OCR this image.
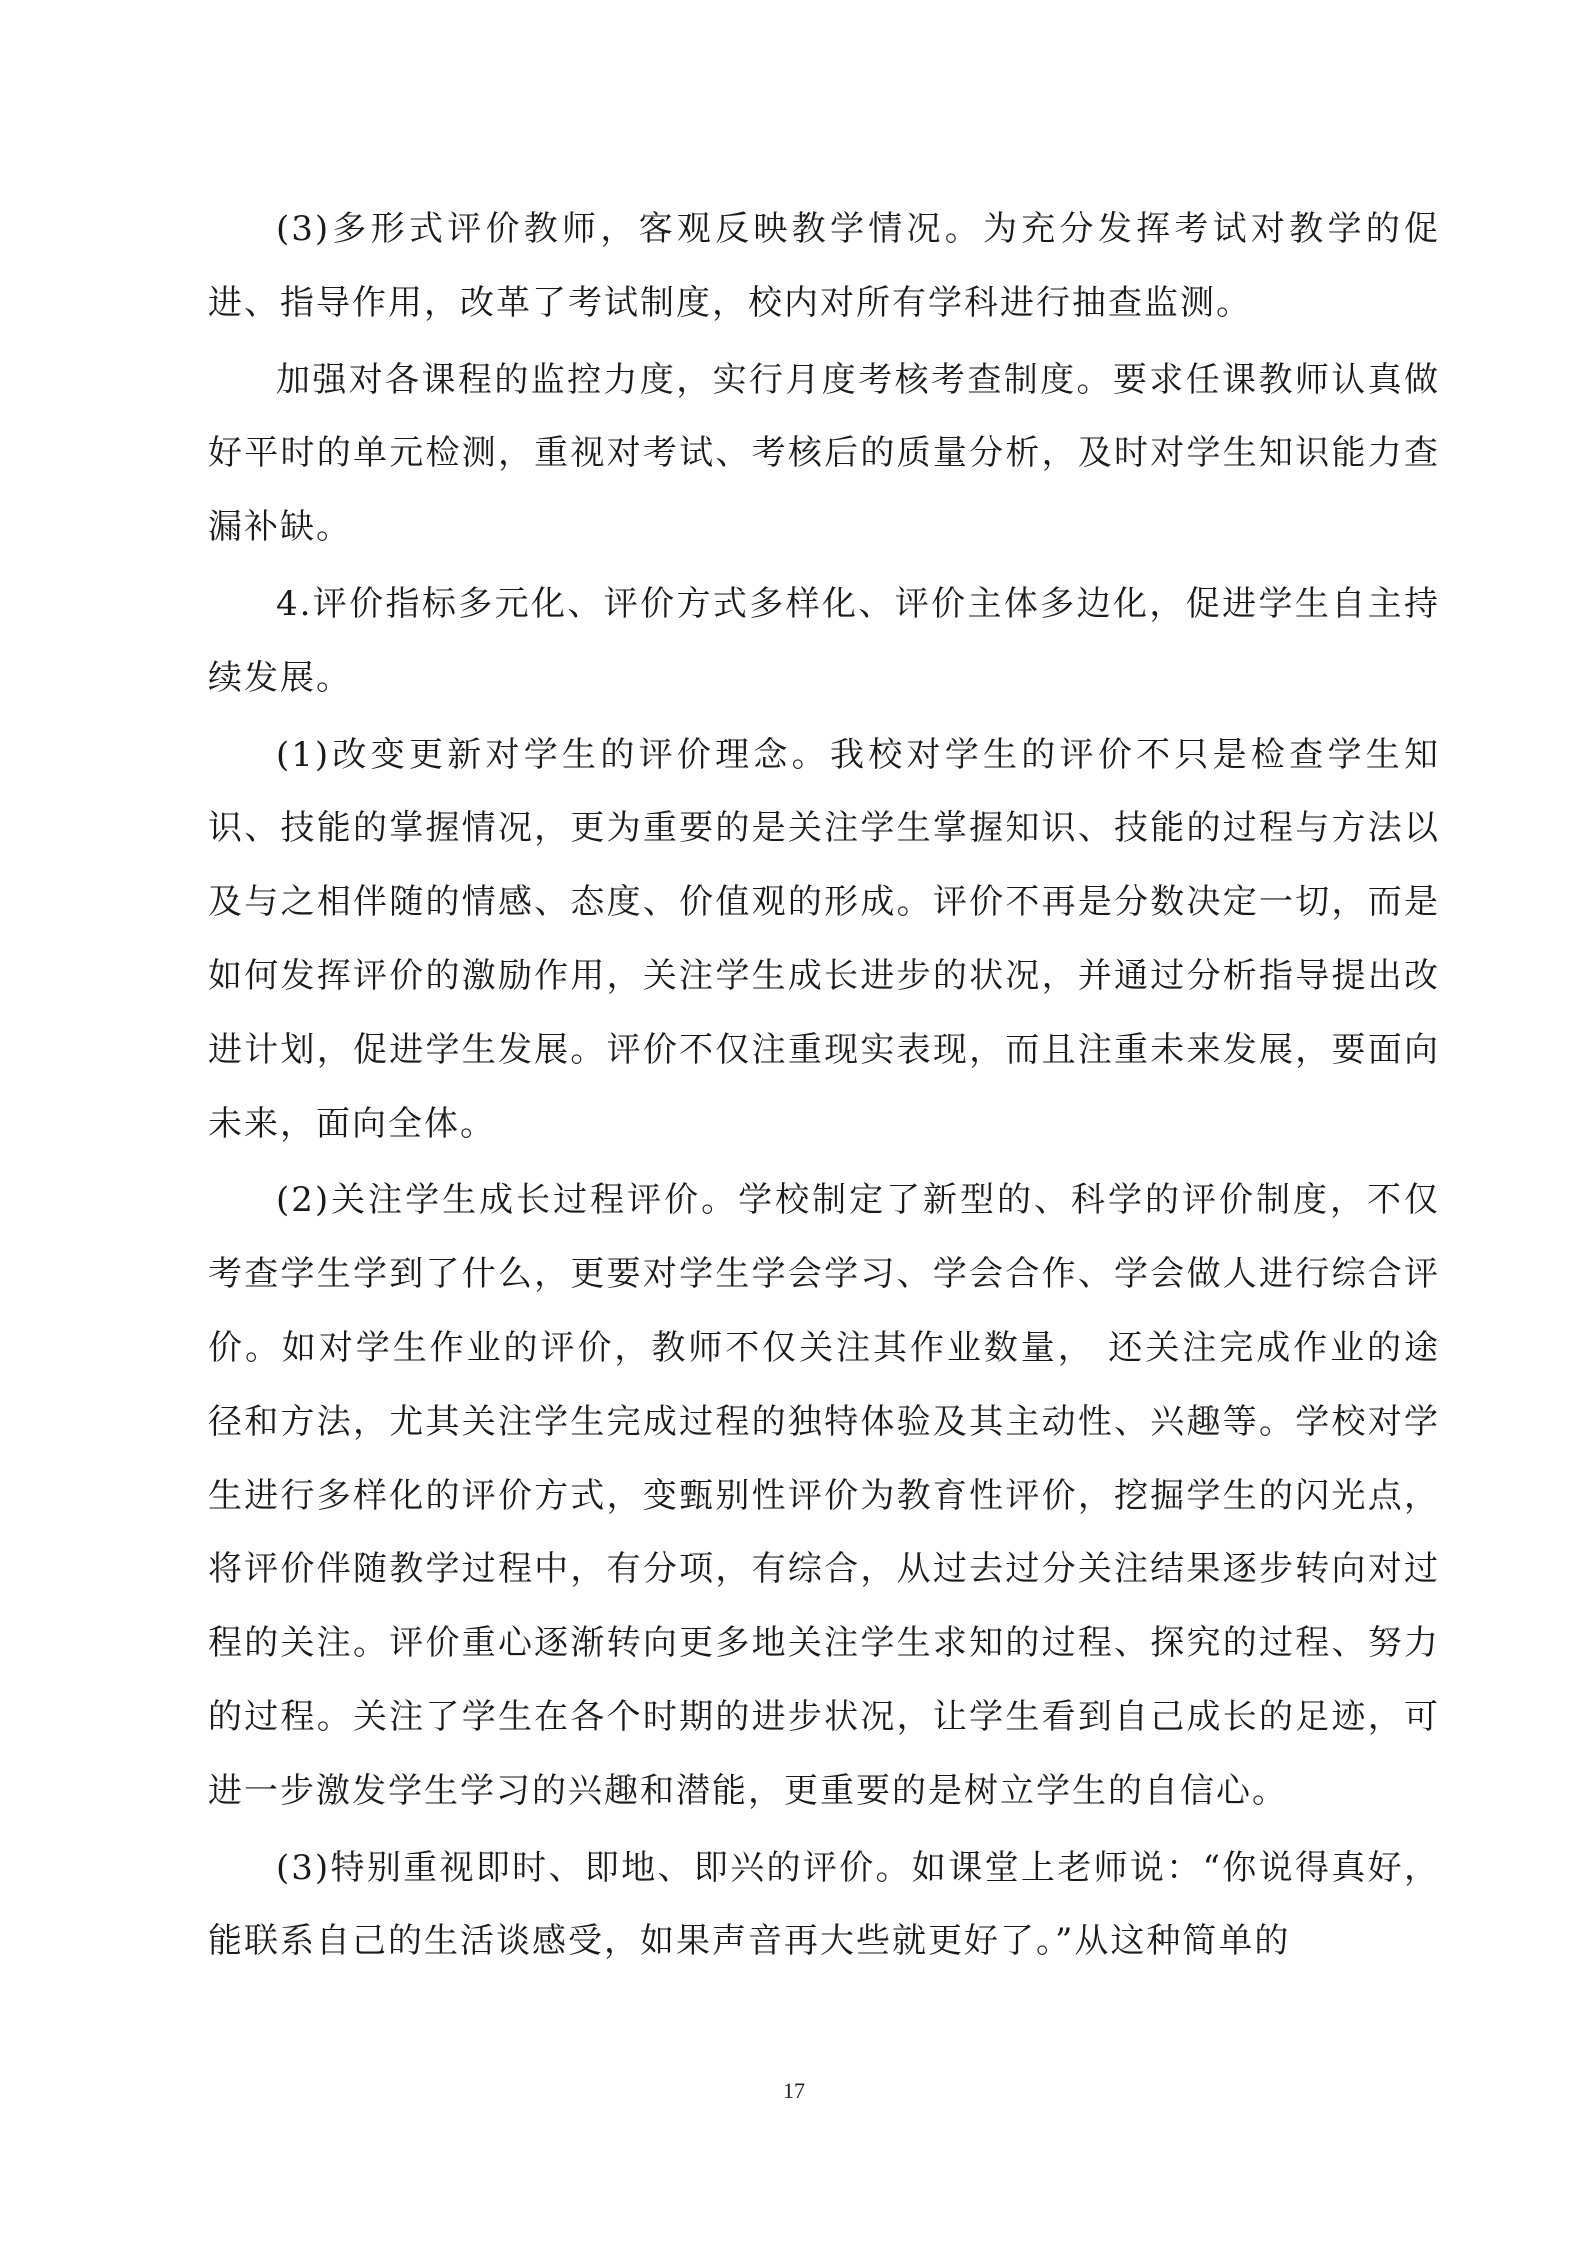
(3)多形式评价教师，客观反映教学情况。为充分发挥考试对教学的促进、指导作用，改革了考试制度，校内对所有学科进行抽查监测。

加强对各课程的监控力度，实行月度考核考查制度。要求任课教师认真做好平时的单元检测，重视对考试、考核后的质量分析，及时对学生知识能力查漏补缺。

4.评价指标多元化、评价方式多样化、评价主体多边化，促进学生自主持续发展。

(1)改变更新对学生的评价理念。我校对学生的评价不只是检查学生知识、技能的掌握情况，更为重要的是关注学生掌握知识、技能的过程与方法以及与之相伴随的情感、态度、价值观的形成。评价不再是分数决定一切，而是如何发挥评价的激励作用，关注学生成长进步的状况，并通过分析指导提出改进计划，促进学生发展。评价不仅注重现实表现，而且注重未来发展，要面向未来，面向全体。

(2)关注学生成长过程评价。学校制定了新型的、科学的评价制度，不仅考查学生学到了什么，更要对学生学会学习、学会合作、学会做人进行综合评价。如对学生作业的评价，教师不仅关注其作业数量， 还关注完成作业的途径和方法，尤其关注学生完成过程的独特体验及其主动性、兴趣等。学校对学生进行多样化的评价方式，变甄别性评价为教育性评价，挖掘学生的闪光点，将评价伴随教学过程中，有分项，有综合，从过去过分关注结果逐步转向对过程的关注。评价重心逐渐转向更多地关注学生求知的过程、探究的过程、努力的过程。关注了学生在各个时期的进步状况，让学生看到自己成长的足迹，可进一步激发学生学习的兴趣和潜能，更重要的是树立学生的自信心。

(3)特别重视即时、即地、即兴的评价。如课堂上老师说：“你说得真好，能联系自己的生活谈感受，如果声音再大些就更好了。”从这种简单的

17
